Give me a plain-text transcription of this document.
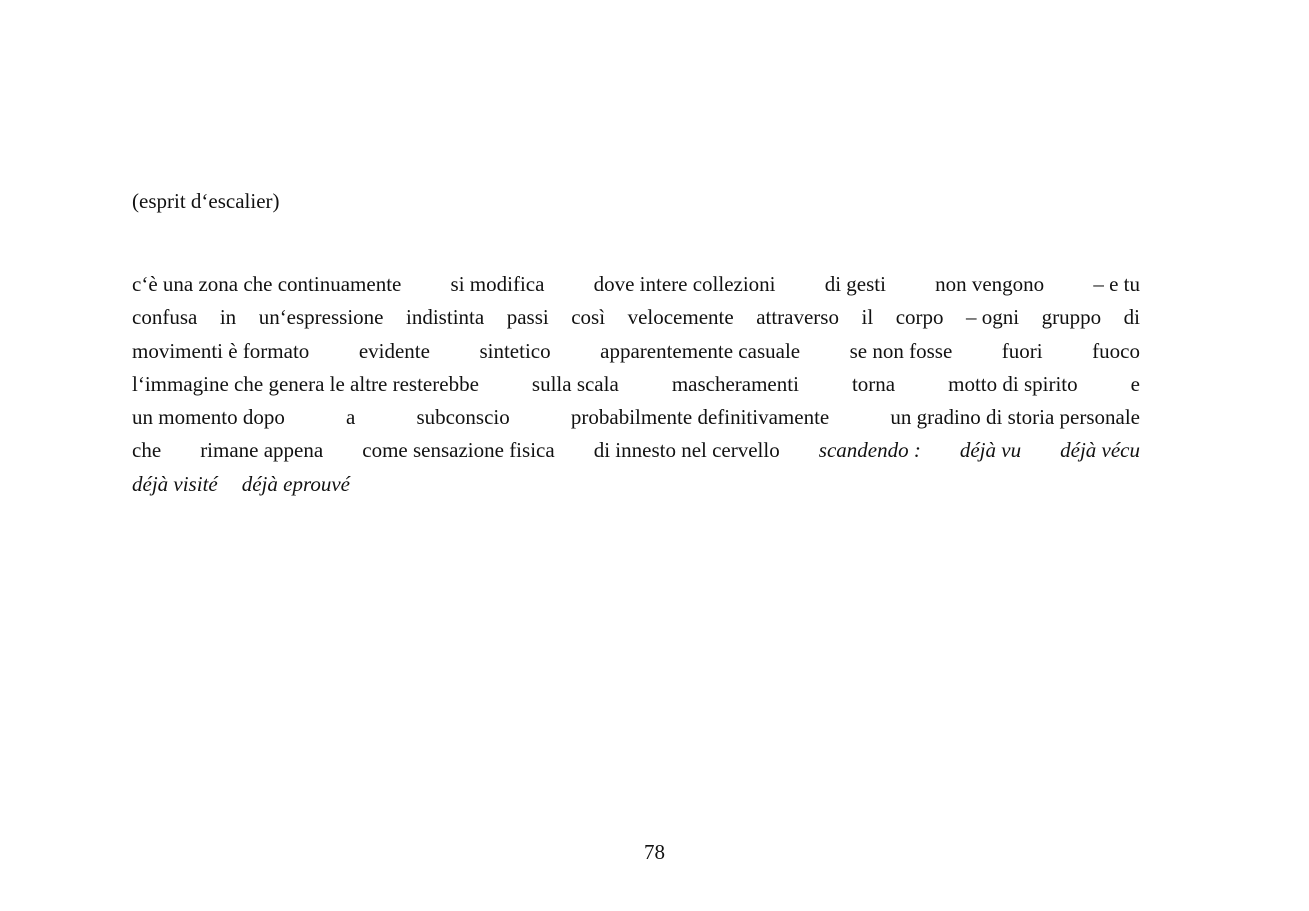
(esprit d‘escalier)
c‘è una zona che continuamente si modifica dove intere collezioni di gesti non vengono – e tu
confusa in un‘espressione indistinta passi così velocemente attraverso il corpo – ogni gruppo di
movimenti è formato evidente sintetico apparentemente casuale se non fosse fuori fuoco
l‘immagine che genera le altre resterebbe	sulla scala	mascheramenti	torna	motto di spirito	e
un momento dopo	a	subconscio	probabilmente definitivamente	un gradino di storia personale
che rimane appena come sensazione fisica di innesto nel cervello scandendo : déjà vu déjà vécu
déjà visité déjà eprouvé
78
